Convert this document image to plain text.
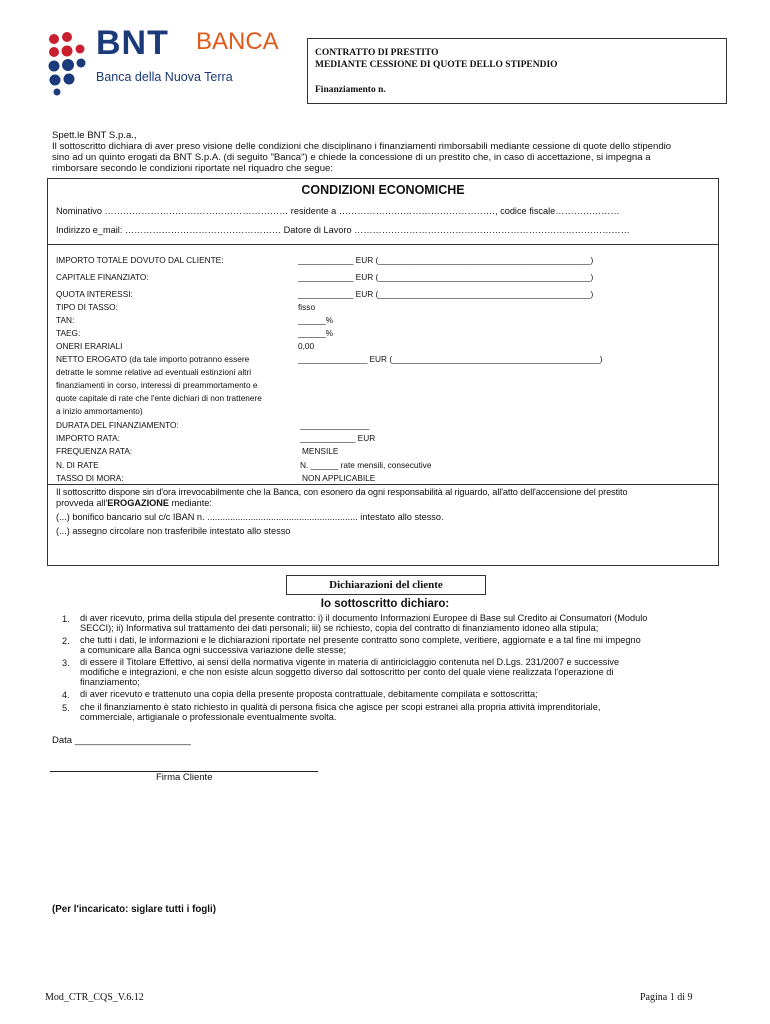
BNT BANCA
Banca della Nuova Terra
CONTRATTO DI PRESTITO
MEDIANTE CESSIONE DI QUOTE DELLO STIPENDIO
Finanziamento n.
Spett.le BNT S.p.a.,
Il sottoscritto dichiara di aver preso visione delle condizioni che disciplinano i finanziamenti rimborsabili mediante cessione di quote dello stipendio
sino ad un quinto erogati da BNT S.p.A. (di seguito "Banca") e chiede la concessione di un prestito che, in caso di accettazione, si impegna a
rimborsare secondo le condizioni riportate nel riquadro che segue:
CONDIZIONI ECONOMICHE
Nominativo …………………………………………………… residente a ……………………………………………, codice fiscale…………………
Indirizzo e_mail: …………………………………………… Datore di Lavoro ………………………………………………………………………………
IMPORTO TOTALE DOVUTO DAL CLIENTE:	____________ EUR (______________________________________________)
CAPITALE FINANZIATO:	____________ EUR (______________________________________________)
QUOTA INTERESSI:	____________ EUR (______________________________________________)
TIPO DI TASSO:	fisso
TAN:	______%
TAEG:	______%
ONERI ERARIALI	0,00
NETTO EROGATO (da tale importo potranno essere	_______________ EUR (_____________________________________________)
detratte le somme relative ad eventuali estinzioni altri
finanziamenti in corso, interessi di preammortamento e
quote capitale di rate che l'ente dichiari di non trattenere
a inizio ammortamento)
DURATA DEL FINANZIAMENTO:	_______________
IMPORTO RATA:	____________ EUR
FREQUENZA RATA:	MENSILE
N. DI RATE	N. ______ rate mensili, consecutive
TASSO DI MORA:	NON APPLICABILE
Il sottoscritto dispone sin d'ora irrevocabilmente che la Banca, con esonero da ogni responsabilità al riguardo, all'atto dell'accensione del prestito
provveda all'EROGAZIONE mediante:
(...) bonifico bancario sul c/c IBAN n. ........................................................... intestato allo stesso.
(...) assegno circolare non trasferibile intestato allo stesso
Dichiarazioni del cliente
Io sottoscritto dichiaro:
1. di aver ricevuto, prima della stipula del presente contratto: i) il documento Informazioni Europee di Base sul Credito ai Consumatori (Modulo
SECCI); ii) Informativa sul trattamento dei dati personali; iii) se richiesto, copia del contratto di finanziamento idoneo alla stipula;
2. che tutti i dati, le informazioni e le dichiarazioni riportate nel presente contratto sono complete, veritiere, aggiornate e a tal fine mi impegno
a comunicare alla Banca ogni successiva variazione delle stesse;
3. di essere il Titolare Effettivo, ai sensi della normativa vigente in materia di antiriciclaggio contenuta nel D.Lgs. 231/2007 e successive
modifiche e integrazioni, e che non esiste alcun soggetto diverso dal sottoscritto per conto del quale viene realizzata l'operazione di
finanziamento;
4. di aver ricevuto e trattenuto una copia della presente proposta contrattuale, debitamente compilata e sottoscritta;
5. che il finanziamento è stato richiesto in qualità di persona fisica che agisce per scopi estranei alla propria attività imprenditoriale,
commerciale, artigianale o professionale eventualmente svolta.
Data ______________________
Firma Cliente
(Per l'incaricato: siglare tutti i fogli)
Mod_CTR_CQS_V.6.12	Pagina 1 di 9
